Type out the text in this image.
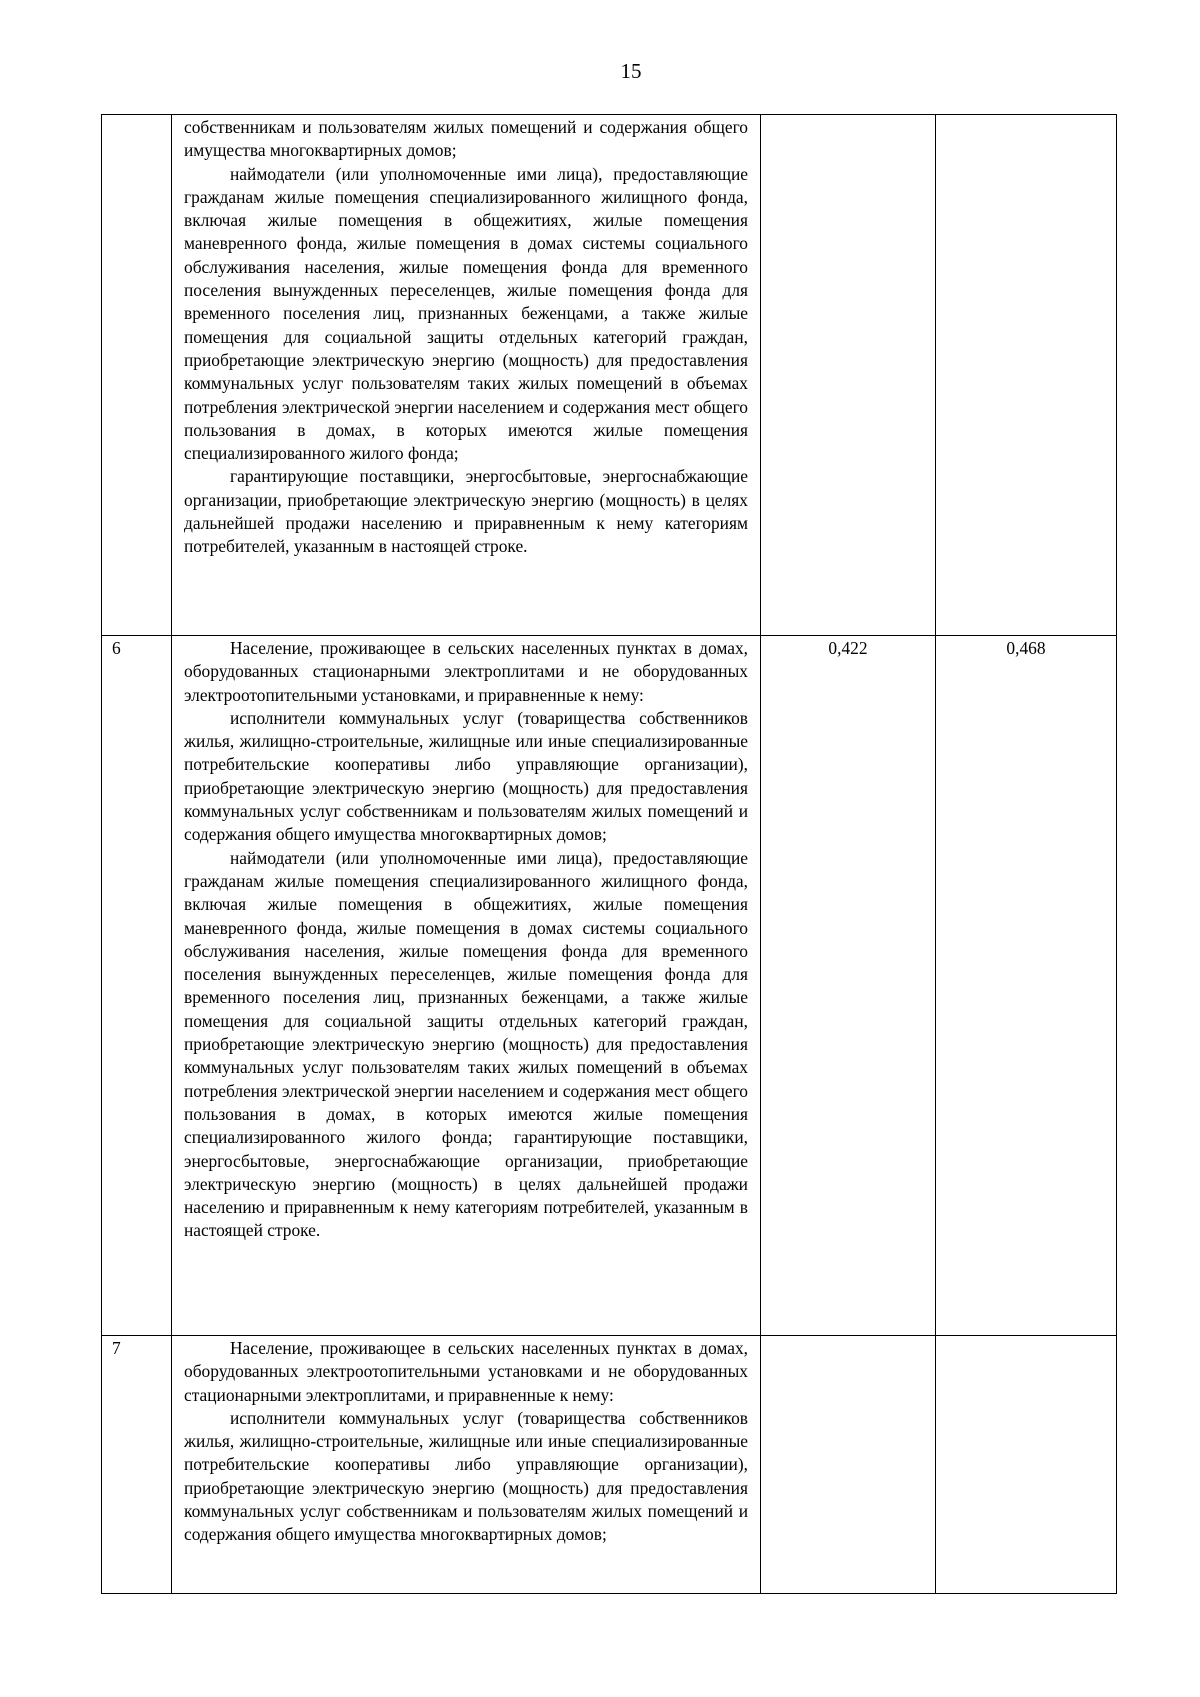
15

	собственникам и пользователям жилых помещений и содержания общего имущества многоквартирных домов;

наймодатели (или уполномоченные ими лица), предоставляющие гражданам жилые помещения специализированного жилищного фонда, включая жилые помещения в общежитиях, жилые помещения маневренного фонда, жилые помещения в домах системы социального обслуживания населения, жилые помещения фонда для временного поселения вынужденных переселенцев, жилые помещения фонда для временного поселения лиц, признанных беженцами, а также жилые помещения для социальной защиты отдельных категорий граждан, приобретающие электрическую энергию (мощность) для предоставления коммунальных услуг пользователям таких жилых помещений в объемах потребления электрической энергии населением и содержания мест общего пользования в домах, в которых имеются жилые помещения специализированного жилого фонда;

гарантирующие поставщики, энергосбытовые, энергоснабжающие организации, приобретающие электрическую энергию (мощность) в целях дальнейшей продажи населению и приравненным к нему категориям потребителей, указанным в настоящей строке.		

6	Население, проживающее в сельских населенных пунктах в домах, оборудованных стационарными электроплитами и не оборудованных электроотопительными установками, и приравненные к нему:

исполнители коммунальных услуг (товарищества собственников жилья, жилищно-строительные, жилищные или иные специализированные потребительские кооперативы либо управляющие организации), приобретающие электрическую энергию (мощность) для предоставления коммунальных услуг собственникам и пользователям жилых помещений и содержания общего имущества многоквартирных домов;

наймодатели (или уполномоченные ими лица), предоставляющие гражданам жилые помещения специализированного жилищного фонда, включая жилые помещения в общежитиях, жилые помещения маневренного фонда, жилые помещения в домах системы социального обслуживания населения, жилые помещения фонда для временного поселения вынужденных переселенцев, жилые помещения фонда для временного поселения лиц, признанных беженцами, а также жилые помещения для социальной защиты отдельных категорий граждан, приобретающие электрическую энергию (мощность) для предоставления коммунальных услуг пользователям таких жилых помещений в объемах потребления электрической энергии населением и содержания мест общего пользования в домах, в которых имеются жилые помещения специализированного жилого фонда; гарантирующие поставщики, энергосбытовые, энергоснабжающие организации, приобретающие электрическую энергию (мощность) в целях дальнейшей продажи населению и приравненным к нему категориям потребителей, указанным в настоящей строке.	0,422	0,468
7	Население, проживающее в сельских населенных пунктах в домах, оборудованных электроотопительными установками и не оборудованных стационарными электроплитами, и приравненные к нему:

исполнители коммунальных услуг (товарищества собственников жилья, жилищно-строительные, жилищные или иные специализированные потребительские кооперативы либо управляющие организации), приобретающие электрическую энергию (мощность) для предоставления коммунальных услуг собственникам и пользователям жилых помещений и содержания общего имущества многоквартирных домов;		
